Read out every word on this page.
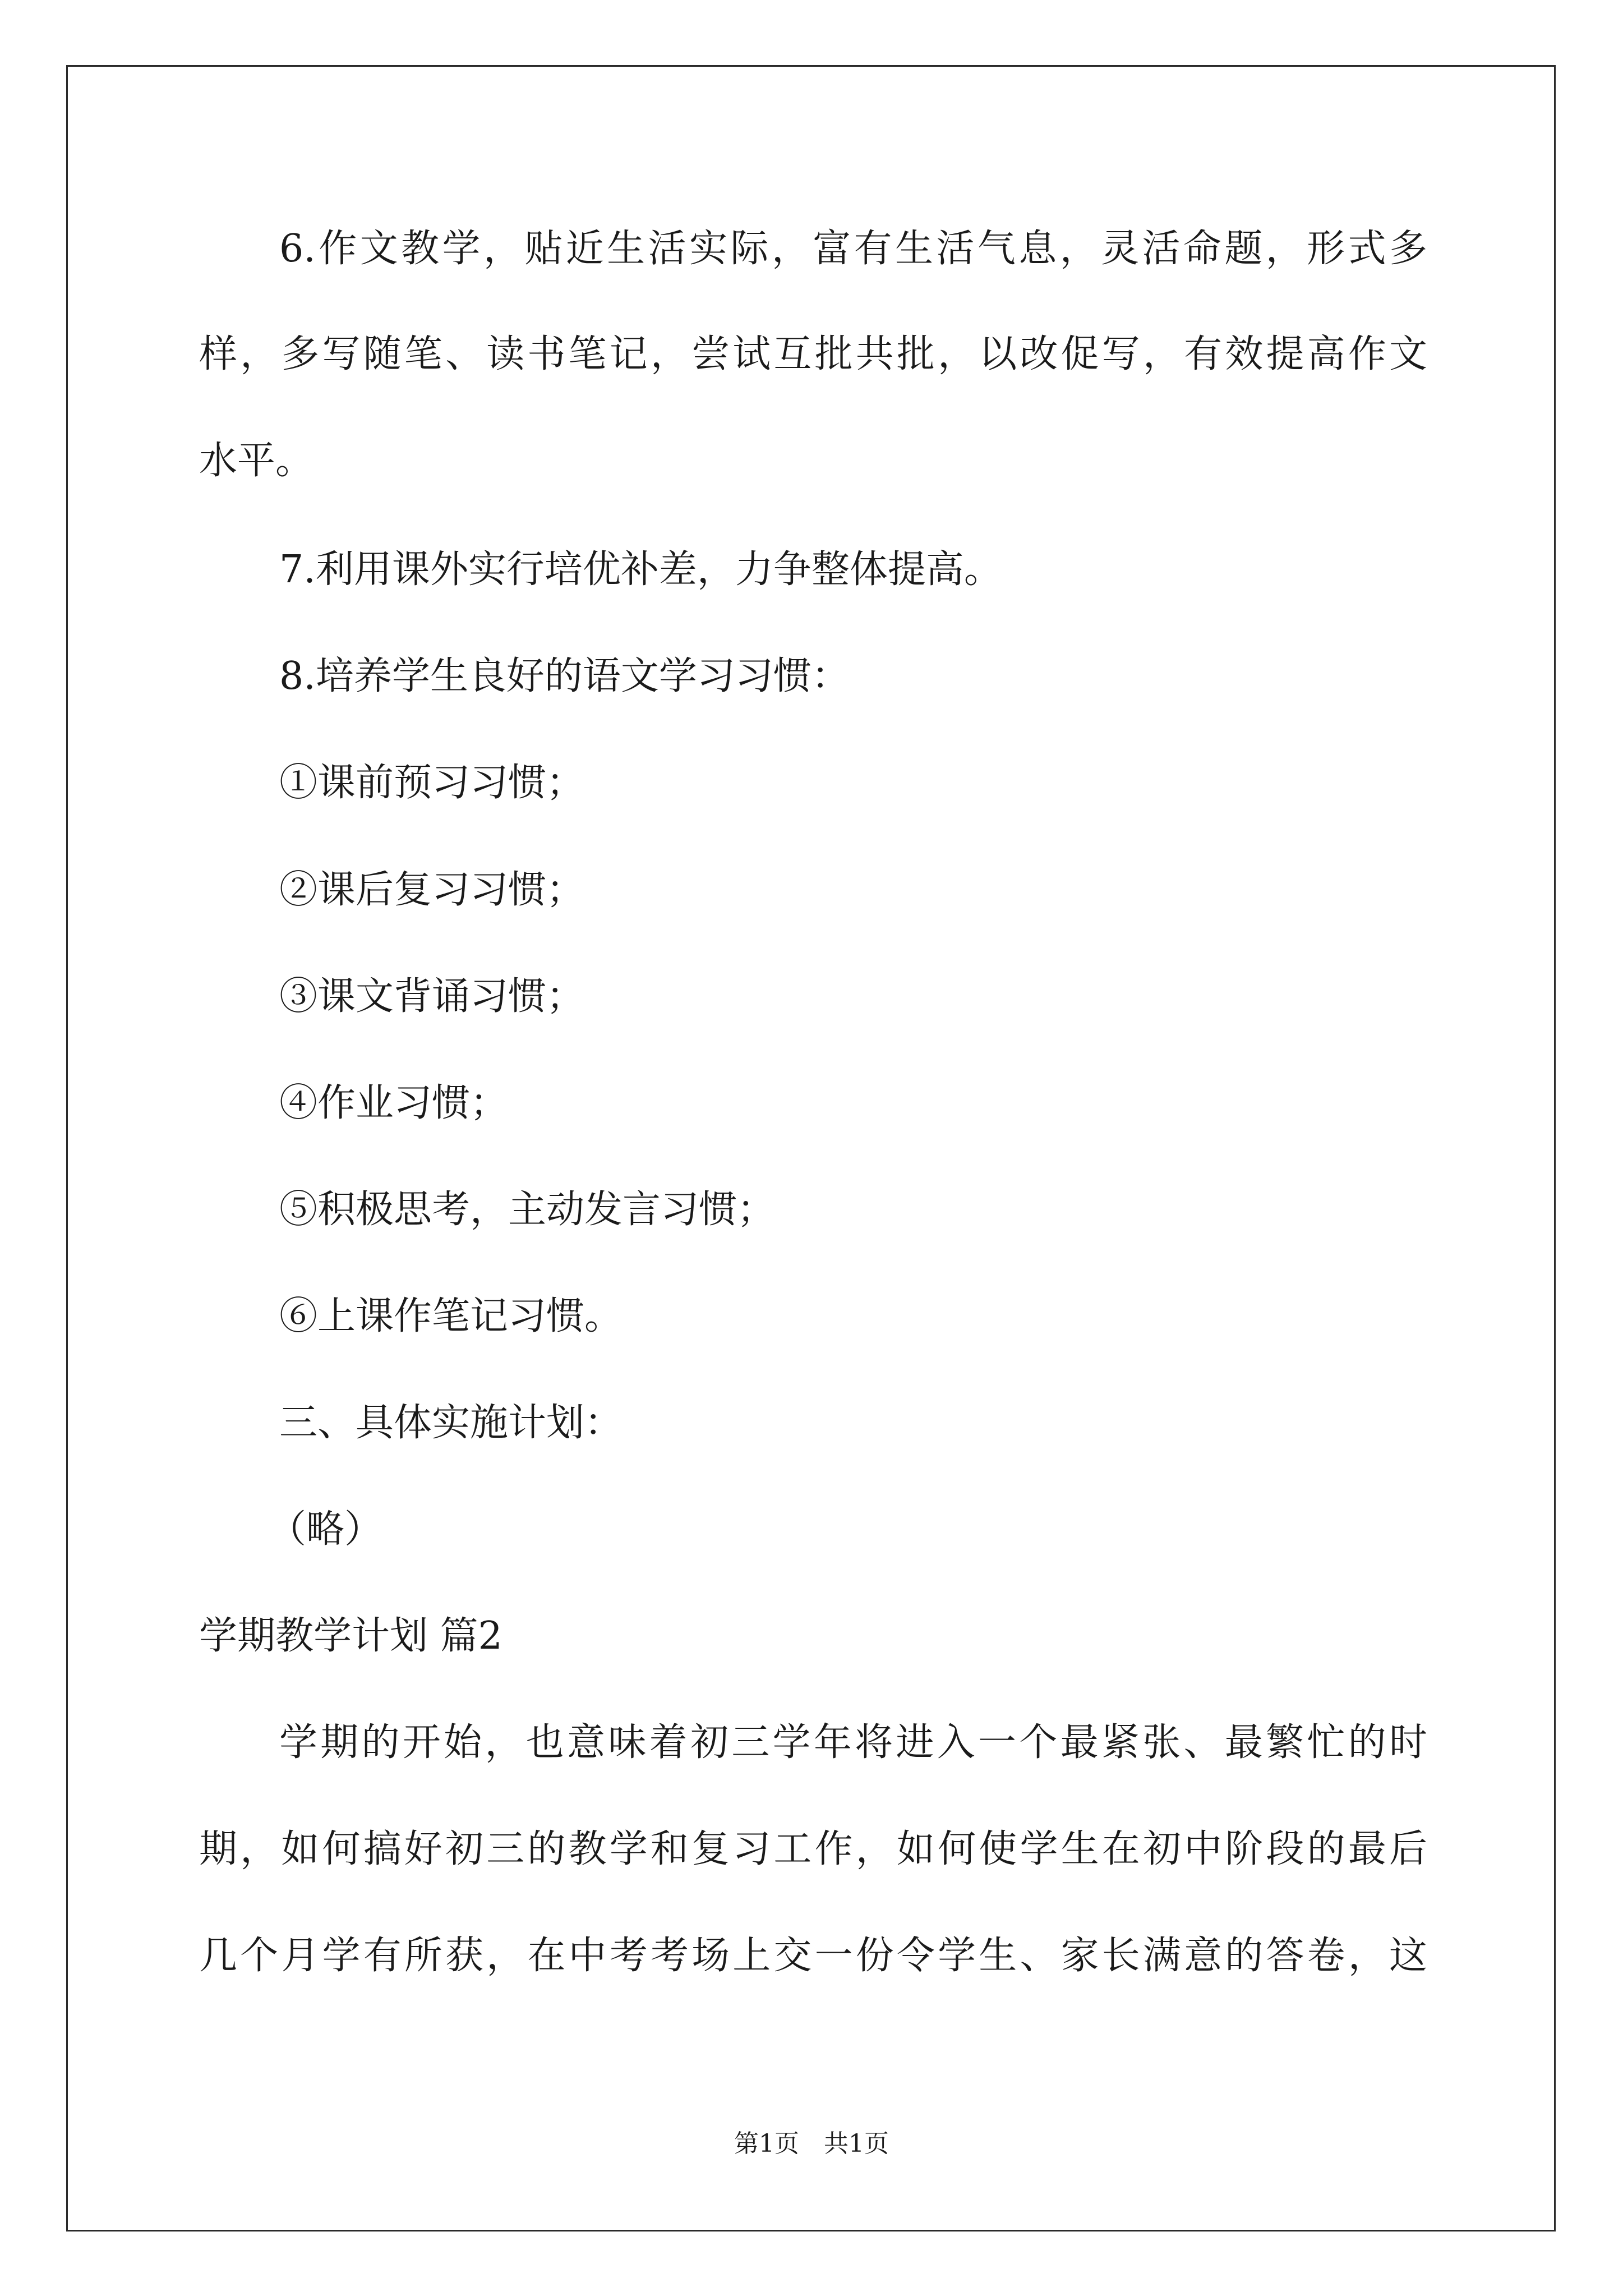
6.作文教学，贴近生活实际，富有生活气息，灵活命题，形式多
样，多写随笔、读书笔记，尝试互批共批，以改促写，有效提高作文
水平。
7.利用课外实行培优补差，力争整体提高。
8.培养学生良好的语文学习习惯：
①课前预习习惯；
②课后复习习惯；
③课文背诵习惯；
④作业习惯；
⑤积极思考，主动发言习惯；
⑥上课作笔记习惯。
三、具体实施计划：
（略）
学期教学计划 篇2
学期的开始，也意味着初三学年将进入一个最紧张、最繁忙的时
期，如何搞好初三的教学和复习工作，如何使学生在初中阶段的最后
几个月学有所获，在中考考场上交一份令学生、家长满意的答卷，这
第1页　共1页
